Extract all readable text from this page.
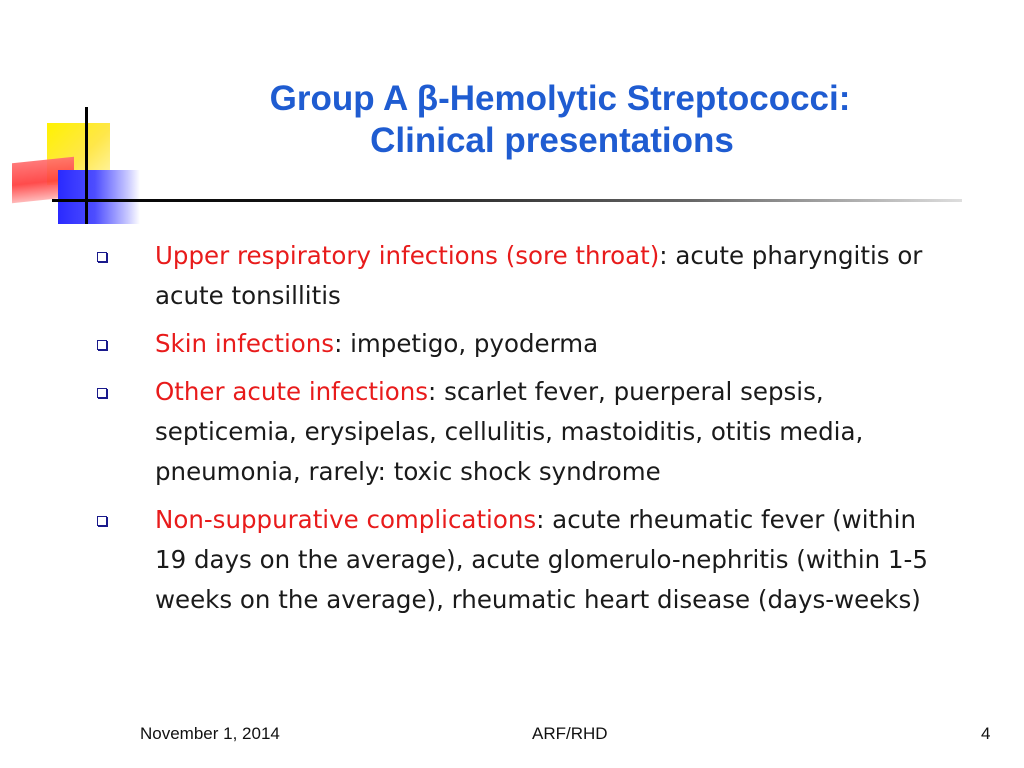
Group A β-Hemolytic Streptococci:
Clinical presentations
Upper respiratory infections (sore throat): acute pharyngitis or acute tonsillitis
Skin infections: impetigo, pyoderma
Other acute infections: scarlet fever, puerperal sepsis, septicemia, erysipelas, cellulitis, mastoiditis, otitis media, pneumonia, rarely: toxic shock syndrome
Non-suppurative complications: acute rheumatic fever (within 19 days on the average), acute glomerulo-nephritis (within 1-5 weeks on the average), rheumatic heart disease (days-weeks)
November 1, 2014	ARF/RHD	4
